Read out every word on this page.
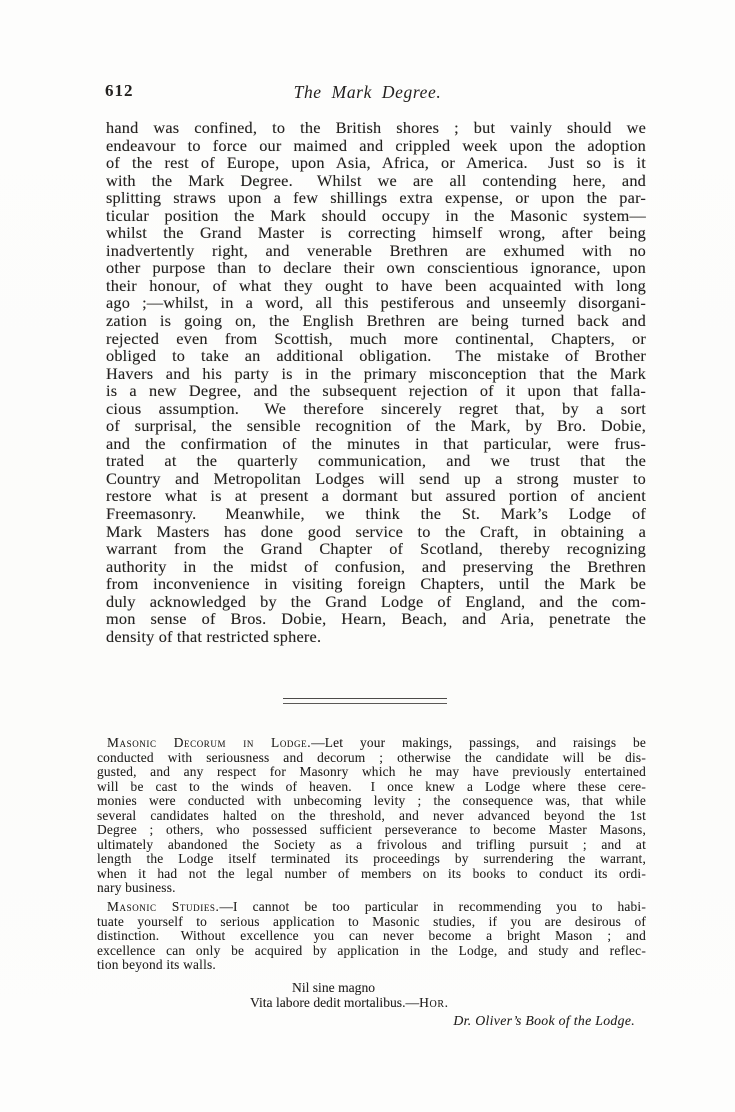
612	The Mark Degree.
hand was confined, to the British shores ; but vainly should we
endeavour to force our maimed and crippled week upon the adoption
of the rest of Europe, upon Asia, Africa, or America.  Just so is it
with the Mark Degree.  Whilst we are all contending here, and
splitting straws upon a few shillings extra expense, or upon the par-
ticular position the Mark should occupy in the Masonic system—
whilst the Grand Master is correcting himself wrong, after being
inadvertently right, and venerable Brethren are exhumed with no
other purpose than to declare their own conscientious ignorance, upon
their honour, of what they ought to have been acquainted with long
ago ;—whilst, in a word, all this pestiferous and unseemly disorgani-
zation is going on, the English Brethren are being turned back and
rejected even from Scottish, much more continental, Chapters, or
obliged to take an additional obligation.  The mistake of Brother
Havers and his party is in the primary misconception that the Mark
is a new Degree, and the subsequent rejection of it upon that falla-
cious assumption.  We therefore sincerely regret that, by a sort
of surprisal, the sensible recognition of the Mark, by Bro. Dobie,
and the confirmation of the minutes in that particular, were frus-
trated at the quarterly communication, and we trust that the
Country and Metropolitan Lodges will send up a strong muster to
restore what is at present a dormant but assured portion of ancient
Freemasonry.  Meanwhile, we think the St. Mark’s Lodge of
Mark Masters has done good service to the Craft, in obtaining a
warrant from the Grand Chapter of Scotland, thereby recognizing
authority in the midst of confusion, and preserving the Brethren
from inconvenience in visiting foreign Chapters, until the Mark be
duly acknowledged by the Grand Lodge of England, and the com-
mon sense of Bros. Dobie, Hearn, Beach, and Aria, penetrate the
density of that restricted sphere.
Masonic Decorum in Lodge.—Let your makings, passings, and raisings be
conducted with seriousness and decorum ; otherwise the candidate will be dis-
gusted, and any respect for Masonry which he may have previously entertained
will be cast to the winds of heaven.  I once knew a Lodge where these cere-
monies were conducted with unbecoming levity ; the consequence was, that while
several candidates halted on the threshold, and never advanced beyond the 1st
Degree ; others, who possessed sufficient perseverance to become Master Masons,
ultimately abandoned the Society as a frivolous and trifling pursuit ; and at
length the Lodge itself terminated its proceedings by surrendering the warrant,
when it had not the legal number of members on its books to conduct its ordi-
nary business.
Masonic Studies.—I cannot be too particular in recommending you to habi-
tuate yourself to serious application to Masonic studies, if you are desirous of
distinction.  Without excellence you can never become a bright Mason ; and
excellence can only be acquired by application in the Lodge, and study and reflec-
tion beyond its walls.
Nil sine magno
Vita labore dedit mortalibus.—Hor.
Dr. Oliver’s Book of the Lodge.
